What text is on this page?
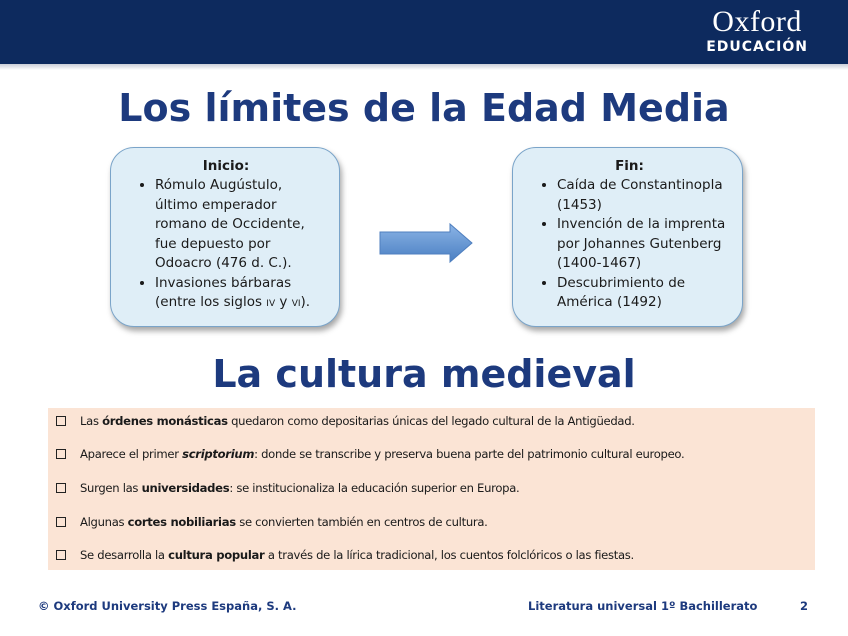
Oxford
EDUCACIÓN
Los límites de la Edad Media
Inicio:
• Rómulo Augústulo, último emperador romano de Occidente, fue depuesto por Odoacro (476 d. C.).
• Invasiones bárbaras (entre los siglos iv y vi).
Fin:
• Caída de Constantinopla (1453)
• Invención de la imprenta por Johannes Gutenberg (1400-1467)
• Descubrimiento de América (1492)
La cultura medieval
Las órdenes monásticas quedaron como depositarias únicas del legado cultural de la Antigüedad.
Aparece el primer scriptorium: donde se transcribe y preserva buena parte del patrimonio cultural europeo.
Surgen las universidades: se institucionaliza la educación superior en Europa.
Algunas cortes nobiliarias se convierten también en centros de cultura.
Se desarrolla la cultura popular a través de la lírica tradicional, los cuentos folclóricos o las fiestas.
© Oxford University Press España, S. A.	Literatura universal 1º Bachillerato	2
